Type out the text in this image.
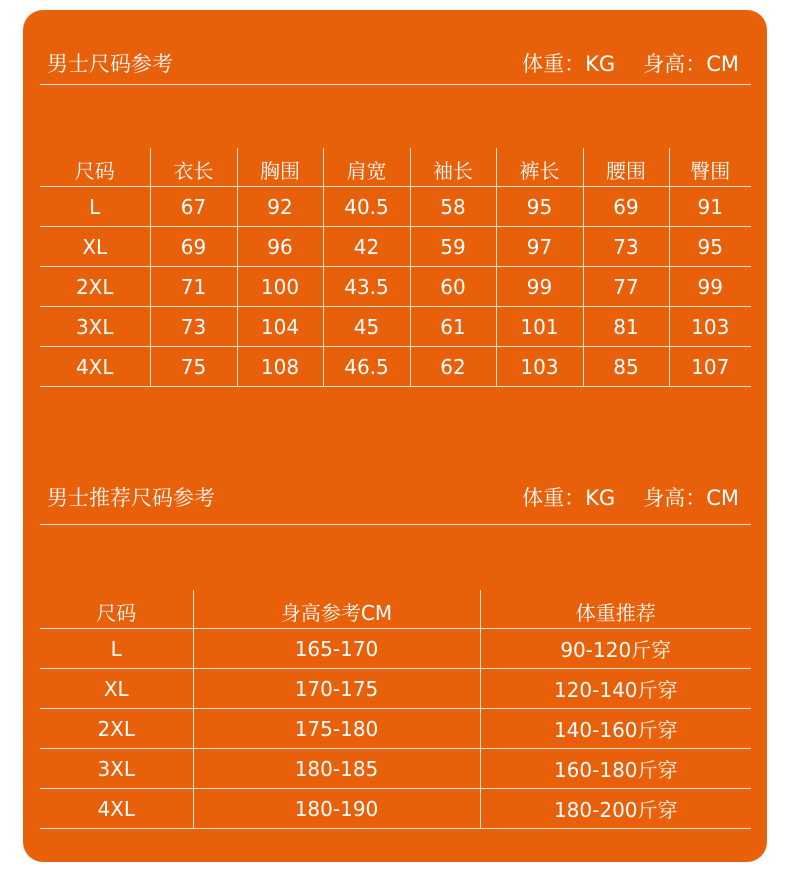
男士尺码参考	体重：KG 身高：CM
尺码	衣长	胸围	肩宽	袖长	裤长	腰围	臀围
L	67	92	40.5	58	95	69	91
XL	69	96	42	59	97	73	95
2XL	71	100	43.5	60	99	77	99
3XL	73	104	45	61	101	81	103
4XL	75	108	46.5	62	103	85	107
男士推荐尺码参考	体重：KG 身高：CM
尺码	身高参考CM	体重推荐
L	165-170	90-120斤穿
XL	170-175	120-140斤穿
2XL	175-180	140-160斤穿
3XL	180-185	160-180斤穿
4XL	180-190	180-200斤穿
